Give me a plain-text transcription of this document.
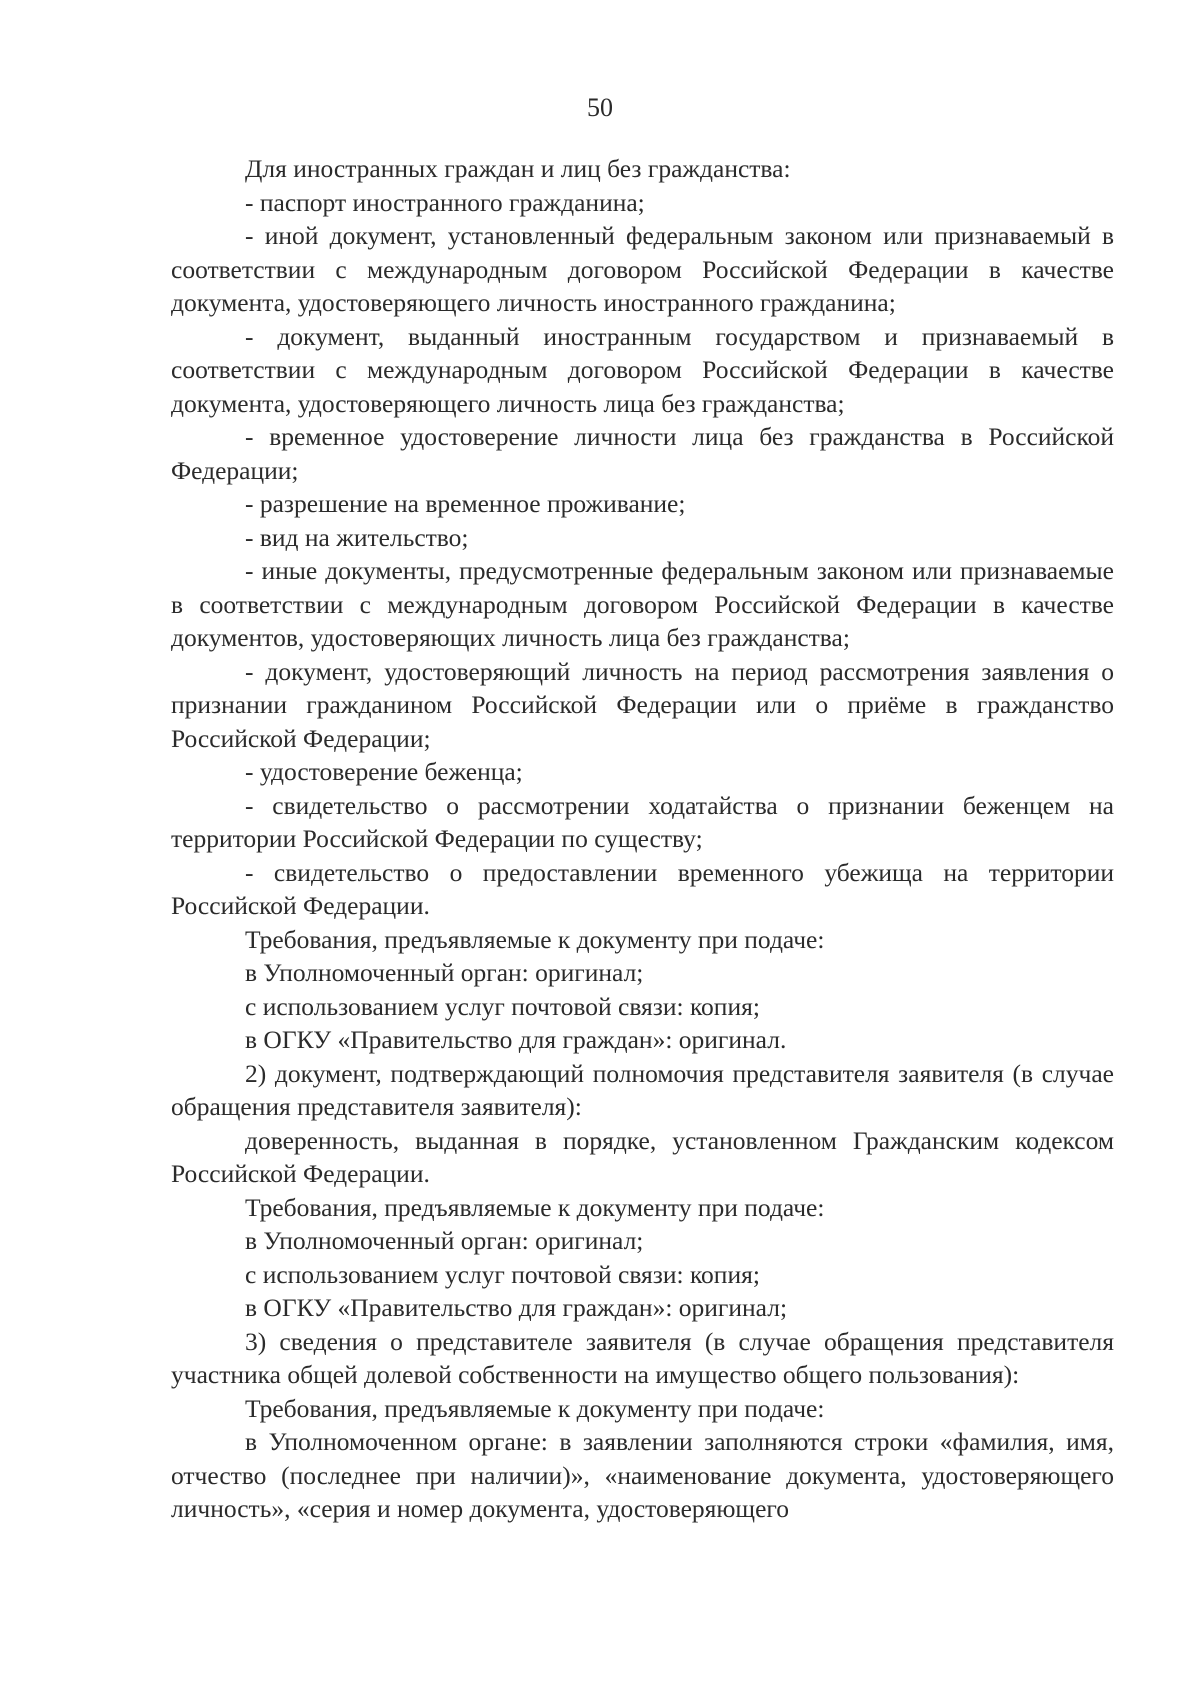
50

Для иностранных граждан и лиц без гражданства:

- паспорт иностранного гражданина;

- иной документ, установленный федеральным законом или признаваемый в соответствии с международным договором Российской Федерации в качестве документа, удостоверяющего личность иностранного гражданина;

- документ, выданный иностранным государством и признаваемый в соответствии с международным договором Российской Федерации в качестве документа, удостоверяющего личность лица без гражданства;

- временное удостоверение личности лица без гражданства в Российской Федерации;

- разрешение на временное проживание;

- вид на жительство;

- иные документы, предусмотренные федеральным законом или признаваемые в соответствии с международным договором Российской Федерации в качестве документов, удостоверяющих личность лица без гражданства;

- документ, удостоверяющий личность на период рассмотрения заявления о признании гражданином Российской Федерации или о приёме в гражданство Российской Федерации;

- удостоверение беженца;

- свидетельство о рассмотрении ходатайства о признании беженцем на территории Российской Федерации по существу;

- свидетельство о предоставлении временного убежища на территории Российской Федерации.

Требования, предъявляемые к документу при подаче:

в Уполномоченный орган: оригинал;

с использованием услуг почтовой связи: копия;

в ОГКУ «Правительство для граждан»: оригинал.

2) документ, подтверждающий полномочия представителя заявителя (в случае обращения представителя заявителя):

доверенность, выданная в порядке, установленном Гражданским кодексом Российской Федерации.

Требования, предъявляемые к документу при подаче:

в Уполномоченный орган: оригинал;

с использованием услуг почтовой связи: копия;

в ОГКУ «Правительство для граждан»: оригинал;

3) сведения о представителе заявителя (в случае обращения представителя участника общей долевой собственности на имущество общего пользования):

Требования, предъявляемые к документу при подаче:

в Уполномоченном органе: в заявлении заполняются строки «фамилия, имя, отчество (последнее при наличии)», «наименование документа, удостоверяющего личность», «серия и номер документа, удостоверяющего
